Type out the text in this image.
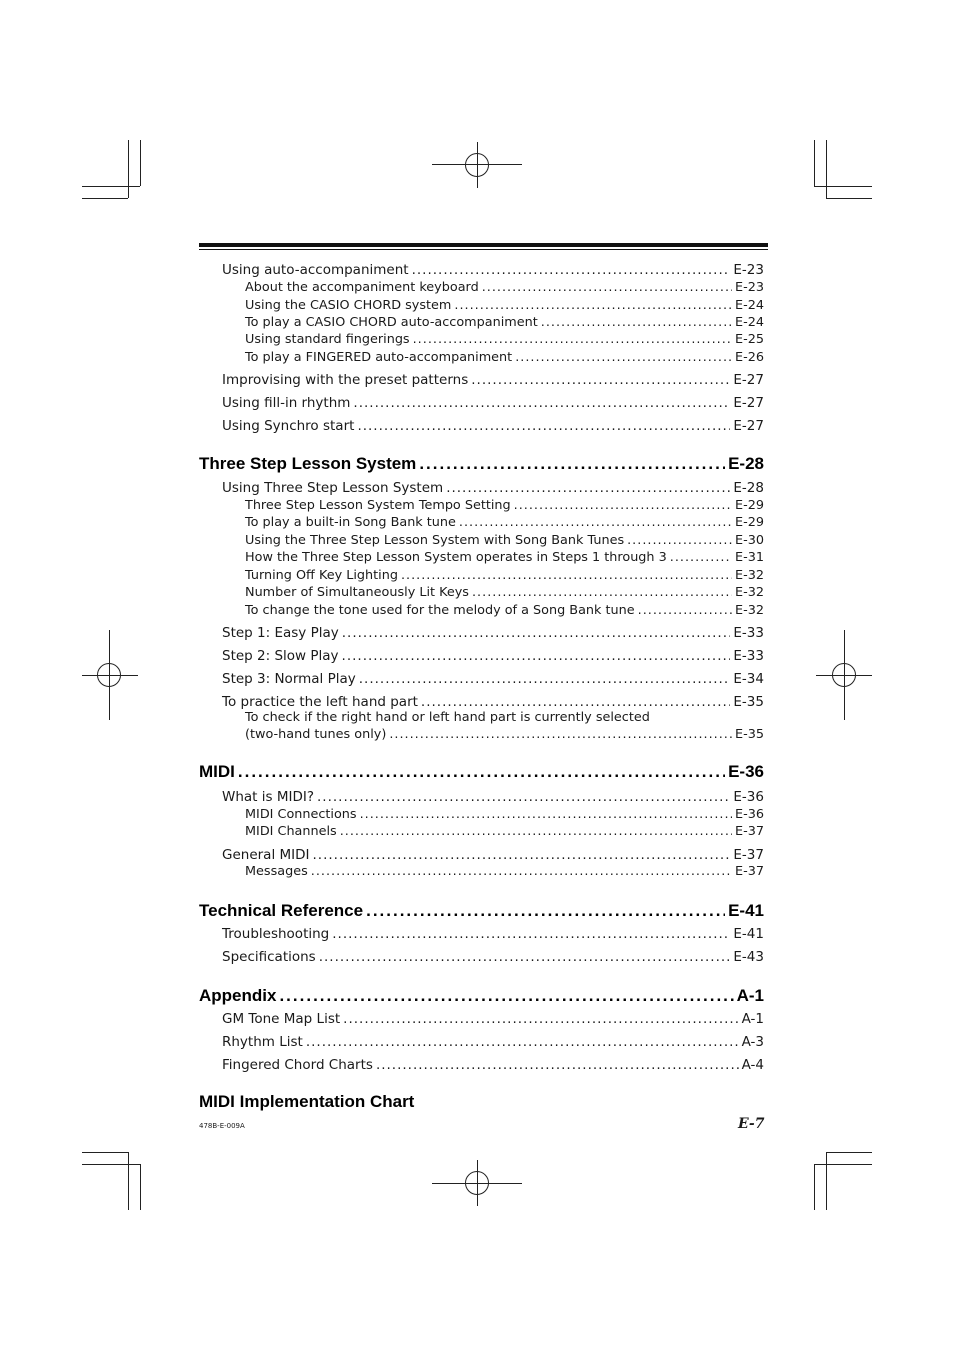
Using auto-accompaniment .....	E-23
About the accompaniment keyboard .....	E-23
Using the CASIO CHORD system .....	E-24
To play a CASIO CHORD auto-accompaniment .....	E-24
Using standard fingerings .....	E-25
To play a FINGERED auto-accompaniment .....	E-26
Improvising with the preset patterns .....	E-27
Using fill-in rhythm .....	E-27
Using Synchro start .....	E-27
Three Step Lesson System .....	E-28
Using Three Step Lesson System .....	E-28
Three Step Lesson System Tempo Setting .....	E-29
To play a built-in Song Bank tune .....	E-29
Using the Three Step Lesson System with Song Bank Tunes .....	E-30
How the Three Step Lesson System operates in Steps 1 through 3 .....	E-31
Turning Off Key Lighting .....	E-32
Number of Simultaneously Lit Keys .....	E-32
To change the tone used for the melody of a Song Bank tune .....	E-32
Step 1: Easy Play .....	E-33
Step 2: Slow Play .....	E-33
Step 3: Normal Play .....	E-34
To practice the left hand part .....	E-35
To check if the right hand or left hand part is currently selected
(two-hand tunes only) .....	E-35
MIDI .....	E-36
What is MIDI? .....	E-36
MIDI Connections .....	E-36
MIDI Channels .....	E-37
General MIDI .....	E-37
Messages .....	E-37
Technical Reference .....	E-41
Troubleshooting .....	E-41
Specifications .....	E-43
Appendix .....	A-1
GM Tone Map List .....	A-1
Rhythm List .....	A-3
Fingered Chord Charts .....	A-4
MIDI Implementation Chart
478B-E-009A	E-7
